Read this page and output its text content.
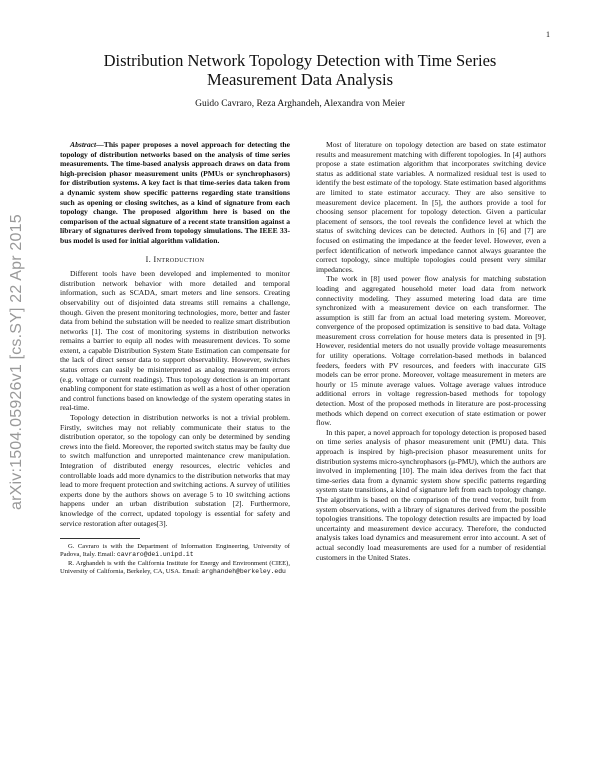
1
arXiv:1504.05926v1 [cs.SY] 22 Apr 2015
Distribution Network Topology Detection with Time Series Measurement Data Analysis
Guido Cavraro, Reza Arghandeh, Alexandra von Meier

Abstract—This paper proposes a novel approach for detecting the topology of distribution networks based on the analysis of time series measurements. The time-based analysis approach draws on data from high-precision phasor measurement units (PMUs or synchrophasors) for distribution systems. A key fact is that time-series data taken from a dynamic system show specific patterns regarding state transitions such as opening or closing switches, as a kind of signature from each topology change. The proposed algorithm here is based on the comparison of the actual signature of a recent state transition against a library of signatures derived from topology simulations. The IEEE 33-bus model is used for initial algorithm validation.

I. Introduction

Different tools have been developed and implemented to monitor distribution network behavior with more detailed and temporal information, such as SCADA, smart meters and line sensors. Creating observability out of disjointed data streams still remains a challenge, though. Given the present monitoring technologies, more, better and faster data from behind the substation will be needed to realize smart distribution networks [1]. The cost of monitoring systems in distribution networks remains a barrier to equip all nodes with measurement devices. To some extent, a capable Distribution System State Estimation can compensate for the lack of direct sensor data to support observability. However, switches status errors can easily be misinterpreted as analog measurement errors (e.g. voltage or current readings). Thus topology detection is an important enabling component for state estimation as well as a host of other operation and control functions based on knowledge of the system operating states in real-time.

Topology detection in distribution networks is not a trivial problem. Firstly, switches may not reliably communicate their status to the distribution operator, so the topology can only be determined by sending crews into the field. Moreover, the reported switch status may be faulty due to switch malfunction and unreported maintenance crew manipulation. Integration of distributed energy resources, electric vehicles and controllable loads add more dynamics to the distribution networks that may lead to more frequent protection and switching actions. A survey of utilities experts done by the authors shows on average 5 to 10 switching actions happens under an urban distribution substation [2]. Furthermore, knowledge of the correct, updated topology is essential for safety and service restoration after outages[3].

G. Cavraro is with the Department of Information Engineering, University of Padova, Italy. Email: cavraro@dei.unipd.it

R. Arghandeh is with the California Institute for Energy and Environment (CIEE), University of California, Berkeley, CA, USA. Email: arghandeh@berkeley.edu

Most of literature on topology detection are based on state estimator results and measurement matching with different topologies. In [4] authors propose a state estimation algorithm that incorporates switching device status as additional state variables. A normalized residual test is used to identify the best estimate of the topology. State estimation based algorithms are limited to state estimator accuracy. They are also sensitive to measurement device placement. In [5], the authors provide a tool for choosing sensor placement for topology detection. Given a particular placement of sensors, the tool reveals the confidence level at which the status of switching devices can be detected. Authors in [6] and [7] are focused on estimating the impedance at the feeder level. However, even a perfect identification of network impedance cannot always guarantee the correct topology, since multiple topologies could present very similar impedances.

The work in [8] used power flow analysis for matching substation loading and aggregated household meter load data from network connectivity modeling. They assumed metering load data are time synchronized with a measurement device on each transformer. The assumption is still far from an actual load metering system. Moreover, convergence of the proposed optimization is sensitive to bad data. Voltage measurement cross correlation for house meters data is presented in [9]. However, residential meters do not usually provide voltage measurements for utility operations. Voltage correlation-based methods in balanced feeders, feeders with PV resources, and feeders with inaccurate GIS models can be error prone. Moreover, voltage measurement in meters are hourly or 15 minute average values. Voltage average values introduce additional errors in voltage regression-based methods for topology detection. Most of the proposed methods in literature are post-processing methods which depend on correct execution of state estimation or power flow.

In this paper, a novel approach for topology detection is proposed based on time series analysis of phasor measurement unit (PMU) data. This approach is inspired by high-precision phasor measurement units for distribution systems micro-synchrophasors (μ-PMU), which the authors are involved in implementing [10]. The main idea derives from the fact that time-series data from a dynamic system show specific patterns regarding system state transitions, a kind of signature left from each topology change. The algorithm is based on the comparison of the trend vector, built from system observations, with a library of signatures derived from the possible topologies transitions. The topology detection results are impacted by load uncertainty and measurement device accuracy. Therefore, the conducted analysis takes load dynamics and measurement error into account. A set of actual secondly load measurements are used for a number of residential customers in the United States.
